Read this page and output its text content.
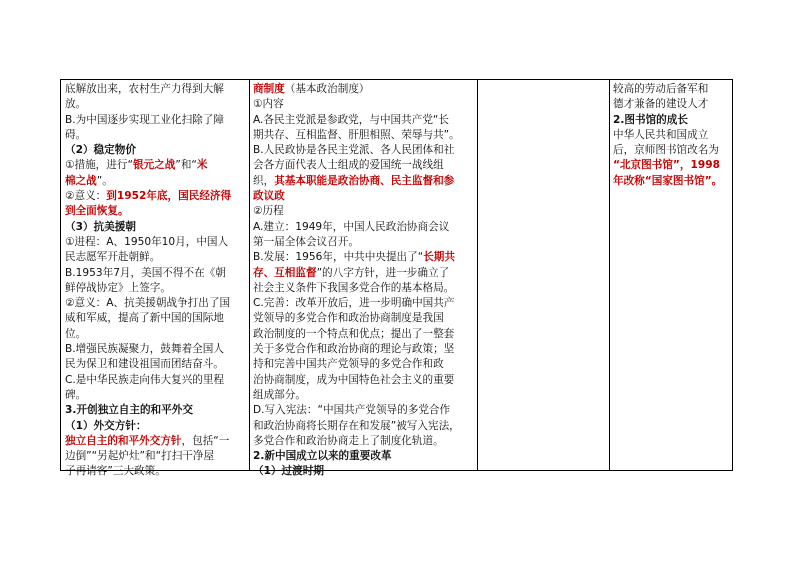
底解放出来，农村生产力得到大解
放。
B.为中国逐步实现工业化扫除了障
碍。
（2）稳定物价
①措施，进行“银元之战”和“米
棉之战”。
②意义：到1952年底，国民经济得
到全面恢复。
（3）抗美援朝
①进程：A、1950年10月，中国人
民志愿军开赴朝鲜。
B.1953年7月，美国不得不在《朝
鲜停战协定》上签字。
②意义：A、抗美援朝战争打出了国
威和军威，提高了新中国的国际地
位。
B.增强民族凝聚力，鼓舞着全国人
民为保卫和建设祖国而团结奋斗。
C.是中华民族走向伟大复兴的里程
碑。
3.开创独立自主的和平外交
（1）外交方针：
独立自主的和平外交方针，包括“一
边倒”“另起炉灶”和“打扫干净屋
子再请客”三大政策。
商制度（基本政治制度）
①内容
A.各民主党派是参政党，与中国共产党“长
期共存、互相监督、肝胆相照、荣辱与共”。
B.人民政协是各民主党派、各人民团体和社
会各方面代表人士组成的爱国统一战线组
织，其基本职能是政治协商、民主监督和参
政议政
②历程
A.建立：1949年，中国人民政治协商会议
第一届全体会议召开。
B.发展：1956年，中共中央提出了“长期共
存、互相监督”的八字方针，进一步确立了
社会主义条件下我国多党合作的基本格局。
C.完善：改革开放后，进一步明确中国共产
党领导的多党合作和政治协商制度是我国
政治制度的一个特点和优点；提出了一整套
关于多党合作和政治协商的理论与政策；坚
持和完善中国共产党领导的多党合作和政
治协商制度，成为中国特色社会主义的重要
组成部分。
D.写入宪法：“中国共产党领导的多党合作
和政治协商将长期存在和发展”被写入宪法，
多党合作和政治协商走上了制度化轨道。
2.新中国成立以来的重要改革
（1）过渡时期
较高的劳动后备军和
德才兼备的建设人才
2.图书馆的成长
中华人民共和国成立
后，京师图书馆改名为
“北京图书馆”，1998
年改称“国家图书馆”。
